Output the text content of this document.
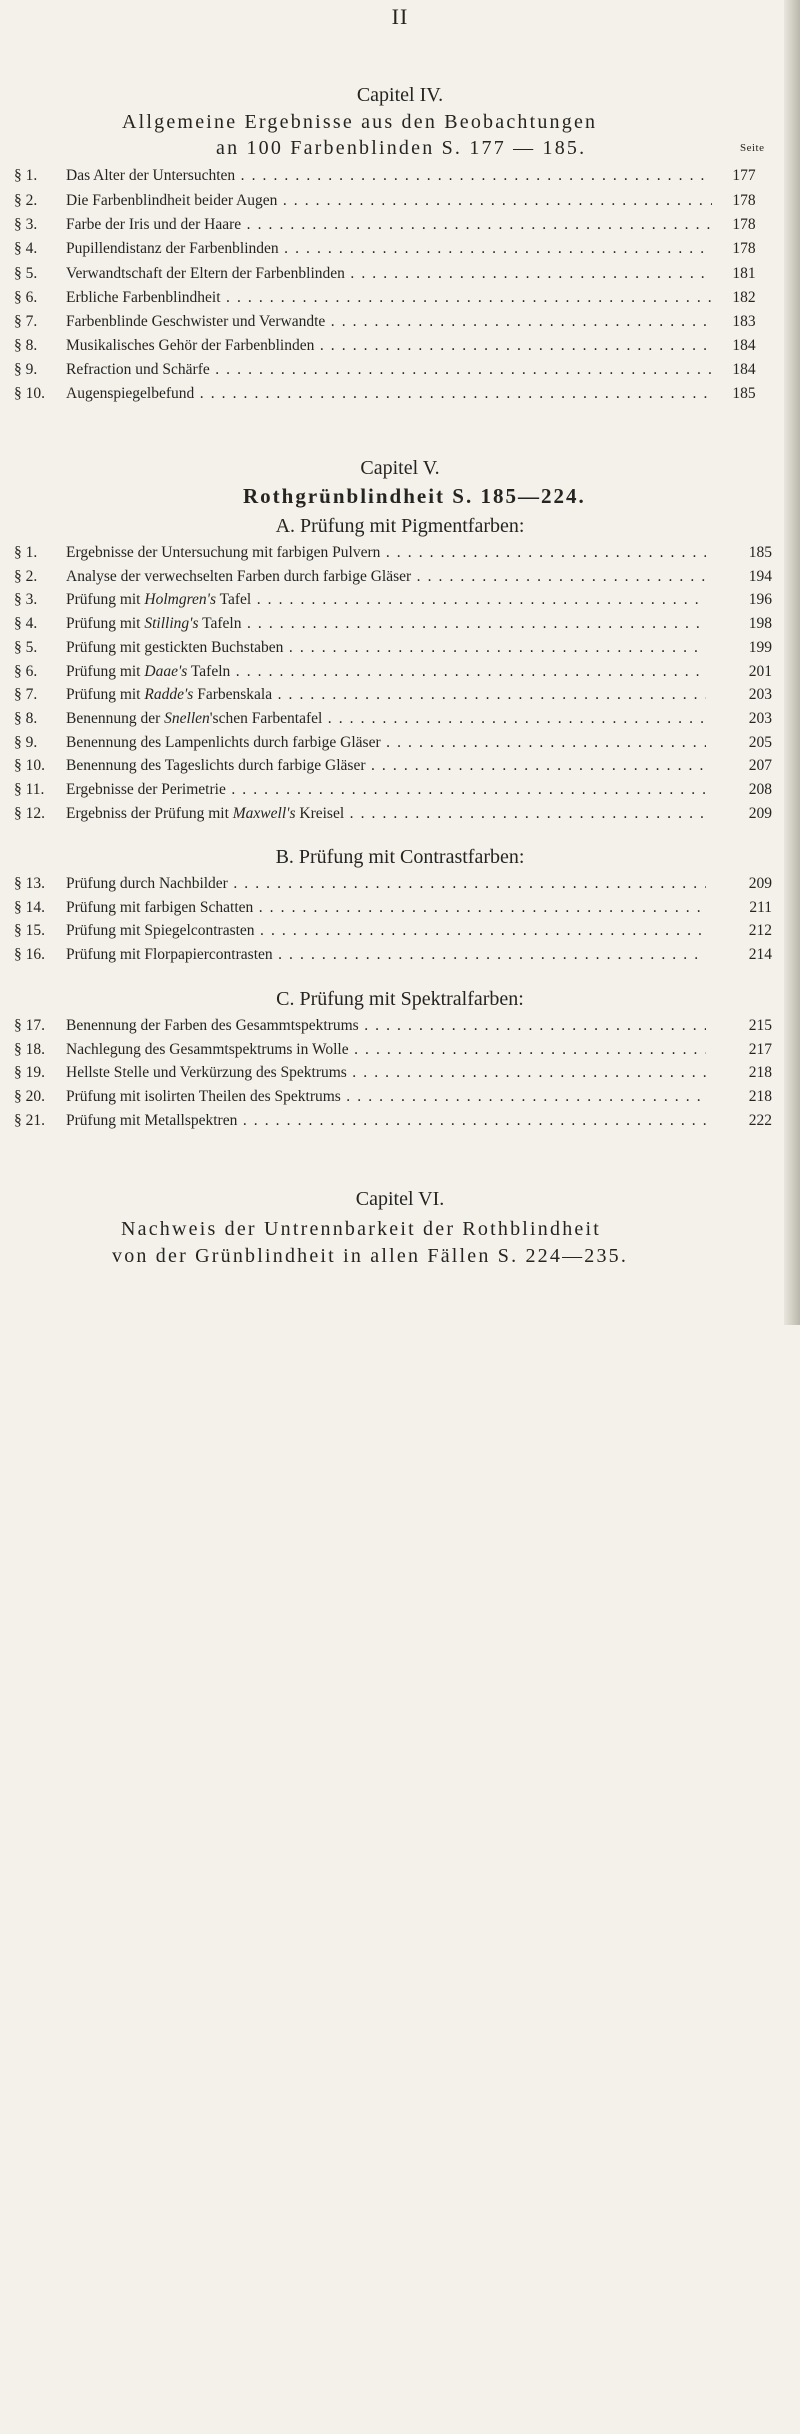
II
Capitel IV.
Allgemeine Ergebnisse aus den Beobachtungen
an 100 Farbenblinden S. 177 — 185.	Seite
§ 1.	Das Alter der Untersuchten . . .	177
§ 2.	Die Farbenblindheit beider Augen . . .	178
§ 3.	Farbe der Iris und der Haare . . .	178
§ 4.	Pupillendistanz der Farbenblinden . . .	178
§ 5.	Verwandtschaft der Eltern der Farbenblinden . . .	181
§ 6.	Erbliche Farbenblindheit . . .	182
§ 7.	Farbenblinde Geschwister und Verwandte . . .	183
§ 8.	Musikalisches Gehör der Farbenblinden . . .	184
§ 9.	Refraction und Schärfe . . .	184
§ 10.	Augenspiegelbefund . . .	185
Capitel V.
Rothgrünblindheit S. 185—224.
A. Prüfung mit Pigmentfarben:
§ 1.	Ergebnisse der Untersuchung mit farbigen Pulvern . . .	185
§ 2.	Analyse der verwechselten Farben durch farbige Gläser . . .	194
§ 3.	Prüfung mit Holmgren's Tafel . . .	196
§ 4.	Prüfung mit Stilling's Tafeln . . .	198
§ 5.	Prüfung mit gestickten Buchstaben . . .	199
§ 6.	Prüfung mit Daae's Tafeln . . .	201
§ 7.	Prüfung mit Radde's Farbenskala . . .	203
§ 8.	Benennung der Snellen'schen Farbentafel . . .	203
§ 9.	Benennung des Lampenlichts durch farbige Gläser . . .	205
§ 10.	Benennung des Tageslichts durch farbige Gläser . . .	207
§ 11.	Ergebnisse der Perimetrie . . .	208
§ 12.	Ergebniss der Prüfung mit Maxwell's Kreisel . . .	209
B. Prüfung mit Contrastfarben:
§ 13.	Prüfung durch Nachbilder . . .	209
§ 14.	Prüfung mit farbigen Schatten . . .	211
§ 15.	Prüfung mit Spiegelcontrasten . . .	212
§ 16.	Prüfung mit Florpapiercontrasten . . .	214
C. Prüfung mit Spektralfarben:
§ 17.	Benennung der Farben des Gesammtspektrums . . .	215
§ 18.	Nachlegung des Gesammtspektrums in Wolle . . .	217
§ 19.	Hellste Stelle und Verkürzung des Spektrums . . .	218
§ 20.	Prüfung mit isolirten Theilen des Spektrums . . .	218
§ 21.	Prüfung mit Metallspektren . . .	222
Capitel VI.
Nachweis der Untrennbarkeit der Rothblindheit
von der Grünblindheit in allen Fällen S. 224—235.
